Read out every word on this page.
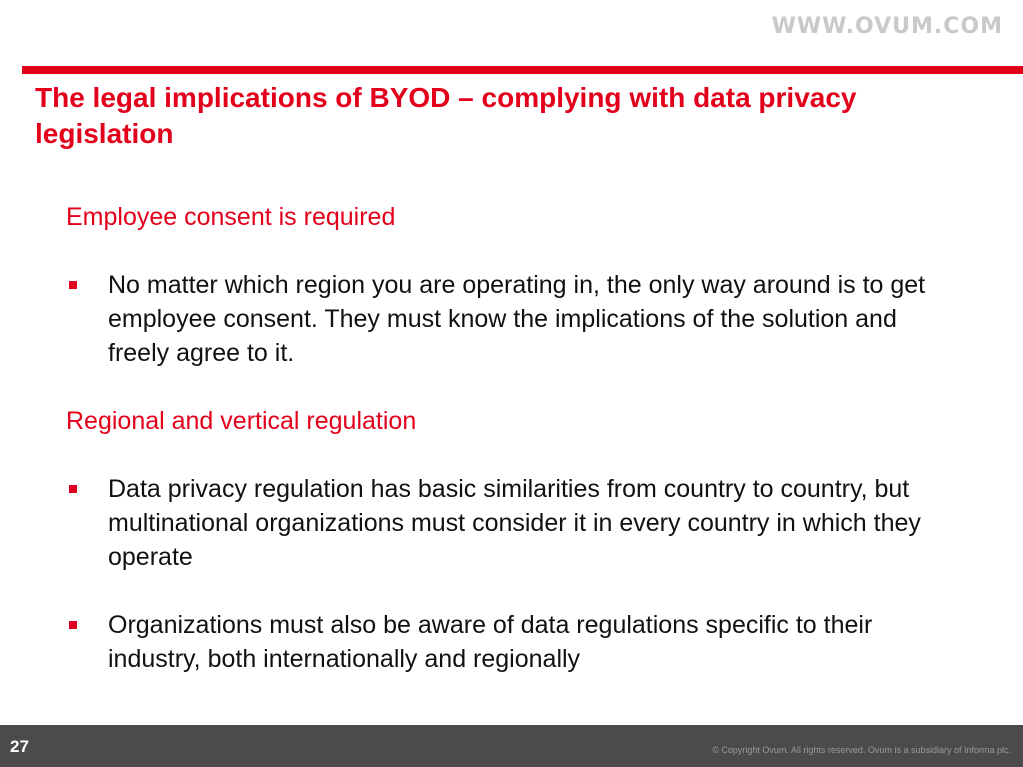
WWW.OVUM.COM
The legal implications of BYOD – complying with data privacy legislation
Employee consent is required
No matter which region you are operating in, the only way around is to get employee consent. They must know the implications of the solution and freely agree to it.
Regional and vertical regulation
Data privacy regulation has basic similarities from country to country, but multinational organizations must consider it in every country in which they operate
Organizations must also be aware of data regulations specific to their industry, both internationally and regionally
27	© Copyright Ovum. All rights reserved. Ovum is a subsidiary of Informa plc.
